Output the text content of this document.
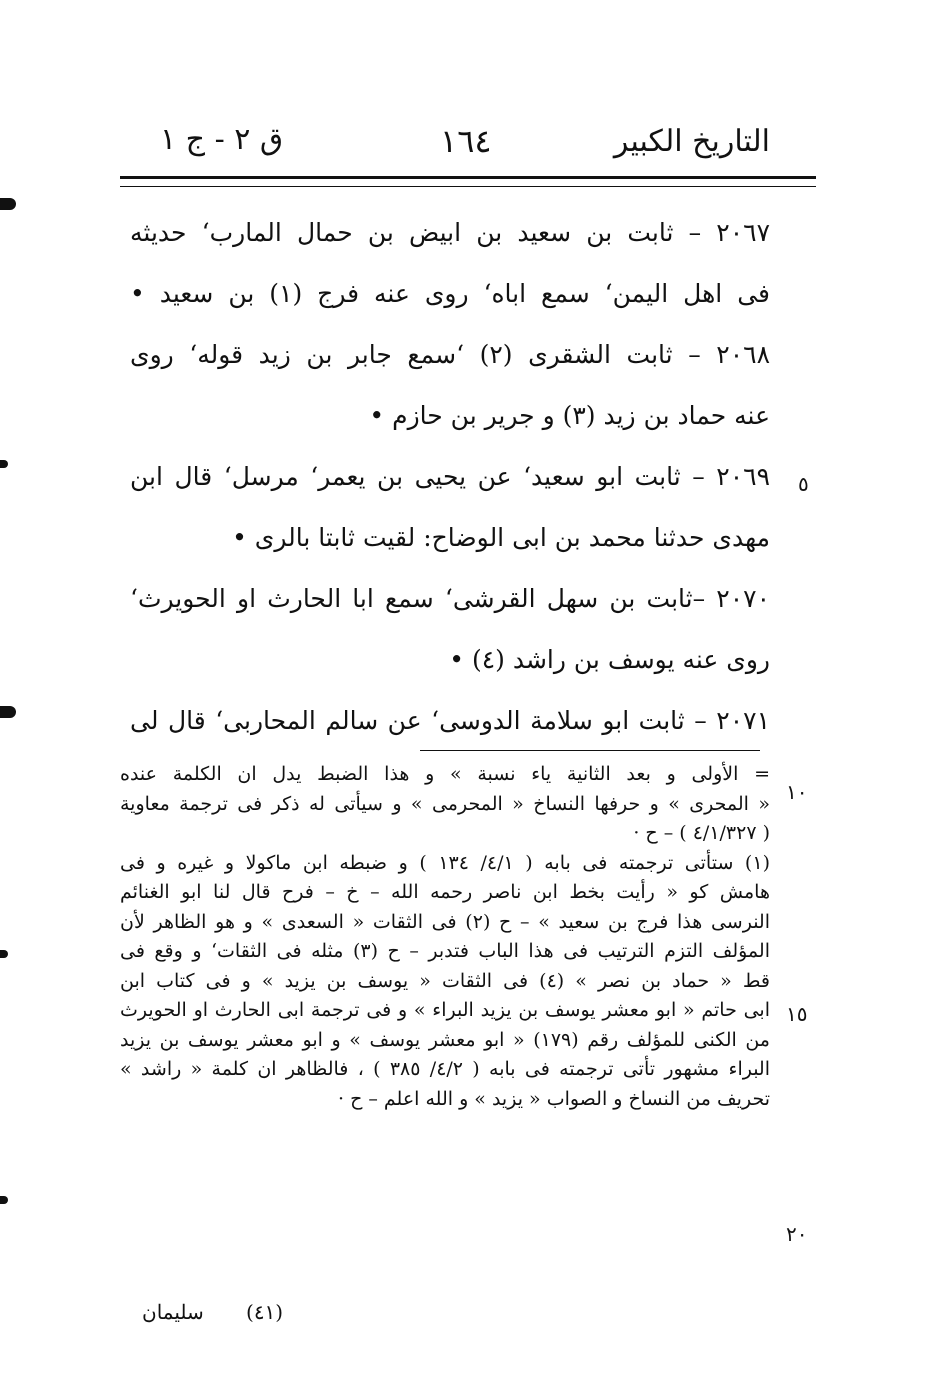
التاريخ الكبير
١٦٤
ق ٢ - ج ١
٢٠٦٧ – ثابت بن سعيد بن ابيض بن حمال المارب‘ حديثه
فى اهل اليمن‘ سمع اباه‘ روى عنه فرج (١) بن سعيد •
٢٠٦٨ – ثابت الشقرى (٢) ‘سمع جابر بن زيد قوله‘ روى
عنه حماد بن زيد (٣) و جرير بن حازم •
٢٠٦٩ – ثابت ابو سعيد‘ عن يحيى بن يعمر‘ مرسل‘ قال ابن
مهدى حدثنا محمد بن ابى الوضاح: لقيت ثابتا بالرى •
٢٠٧٠ –ثابت بن سهل القرشى‘ سمع ابا الحارث او الحويرث‘
روى عنه يوسف بن راشد (٤) •
٢٠٧١ – ثابت ابو سلامة الدوسى‘ عن سالم المحاربى‘ قال لى
٥
١٠
١٥
٢٠
= الأولى و بعد الثانية ياء نسبة » و هذا الضبط يدل ان الكلمة عنده
« المحرى » و حرفها النساخ « المحرمى » و سيأتى له ذكر فى ترجمة معاوية
( ٤/١/٣٢٧ ) – ح ·
(١) ستأتى ترجمته فى بابه ( ٤/١/ ١٣٤ ) و ضبطه ابن ماكولا و غيره و فى
هامش كو « رأيت بخط ابن ناصر رحمه الله – خ – فرح قال لنا ابو الغنائم
النرسى هذا فرج بن سعيد » – ح (٢) فى الثقات « السعدى » و هو الظاهر لأن
المؤلف التزم الترتيب فى هذا الباب فتدبر – ح (٣) مثله فى الثقات‘ و وقع فى
قط « حماد بن نصر » (٤) فى الثقات « يوسف بن يزيد » و فى كتاب ابن
ابى حاتم « ابو معشر يوسف بن يزيد البراء » و فى ترجمة ابى الحارث او الحويرث
من الكنى للمؤلف رقم (١٧٩) « ابو معشر يوسف » و ابو معشر يوسف بن يزيد
البراء مشهور تأتى ترجمته فى بابه ( ٤/٢/ ٣٨٥ ) ، فالظاهر ان كلمة « راشد »
تحريف من النساخ و الصواب « يزيد » و الله اعلم – ح ·
(٤١)
سليمان
